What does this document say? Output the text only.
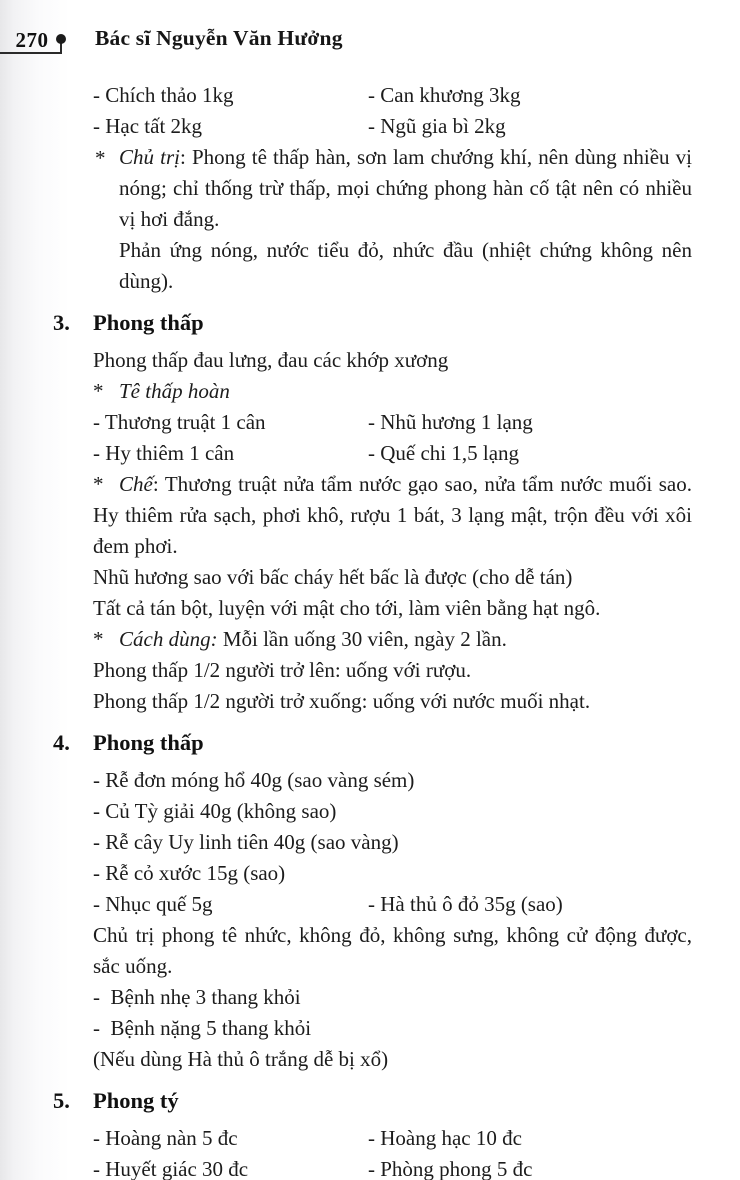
270 Bác sĩ Nguyễn Văn Hưởng
- Chích thảo 1kg	- Can khương 3kg
- Hạc tất 2kg	- Ngũ gia bì 2kg
* Chủ trị: Phong tê thấp hàn, sơn lam chướng khí, nên dùng nhiều vị nóng; chỉ thống trừ thấp, mọi chứng phong hàn cố tật nên có nhiều vị hơi đắng.
Phản ứng nóng, nước tiểu đỏ, nhức đầu (nhiệt chứng không nên dùng).
3. Phong thấp
Phong thấp đau lưng, đau các khớp xương
* Tê thấp hoàn
- Thương truật 1 cân	- Nhũ hương 1 lạng
- Hy thiêm 1 cân	- Quế chi 1,5 lạng
* Chế: Thương truật nửa tẩm nước gạo sao, nửa tẩm nước muối sao. Hy thiêm rửa sạch, phơi khô, rượu 1 bát, 3 lạng mật, trộn đều với xôi đem phơi.
Nhũ hương sao với bấc cháy hết bấc là được (cho dễ tán)
Tất cả tán bột, luyện với mật cho tới, làm viên bằng hạt ngô.
* Cách dùng: Mỗi lần uống 30 viên, ngày 2 lần.
Phong thấp 1/2 người trở lên: uống với rượu.
Phong thấp 1/2 người trở xuống: uống với nước muối nhạt.
4. Phong thấp
- Rễ đơn móng hổ 40g (sao vàng sém)
- Củ Tỳ giải 40g (không sao)
- Rễ cây Uy linh tiên 40g (sao vàng)
- Rễ cỏ xước 15g (sao)
- Nhục quế 5g	- Hà thủ ô đỏ 35g (sao)
Chủ trị phong tê nhức, không đỏ, không sưng, không cử động được, sắc uống.
-  Bệnh nhẹ 3 thang khỏi
-  Bệnh nặng 5 thang khỏi
(Nếu dùng Hà thủ ô trắng dễ bị xổ)
5. Phong tý
- Hoàng nàn 5 đc	- Hoàng hạc 10 đc
- Huyết giác 30 đc	- Phòng phong 5 đc
